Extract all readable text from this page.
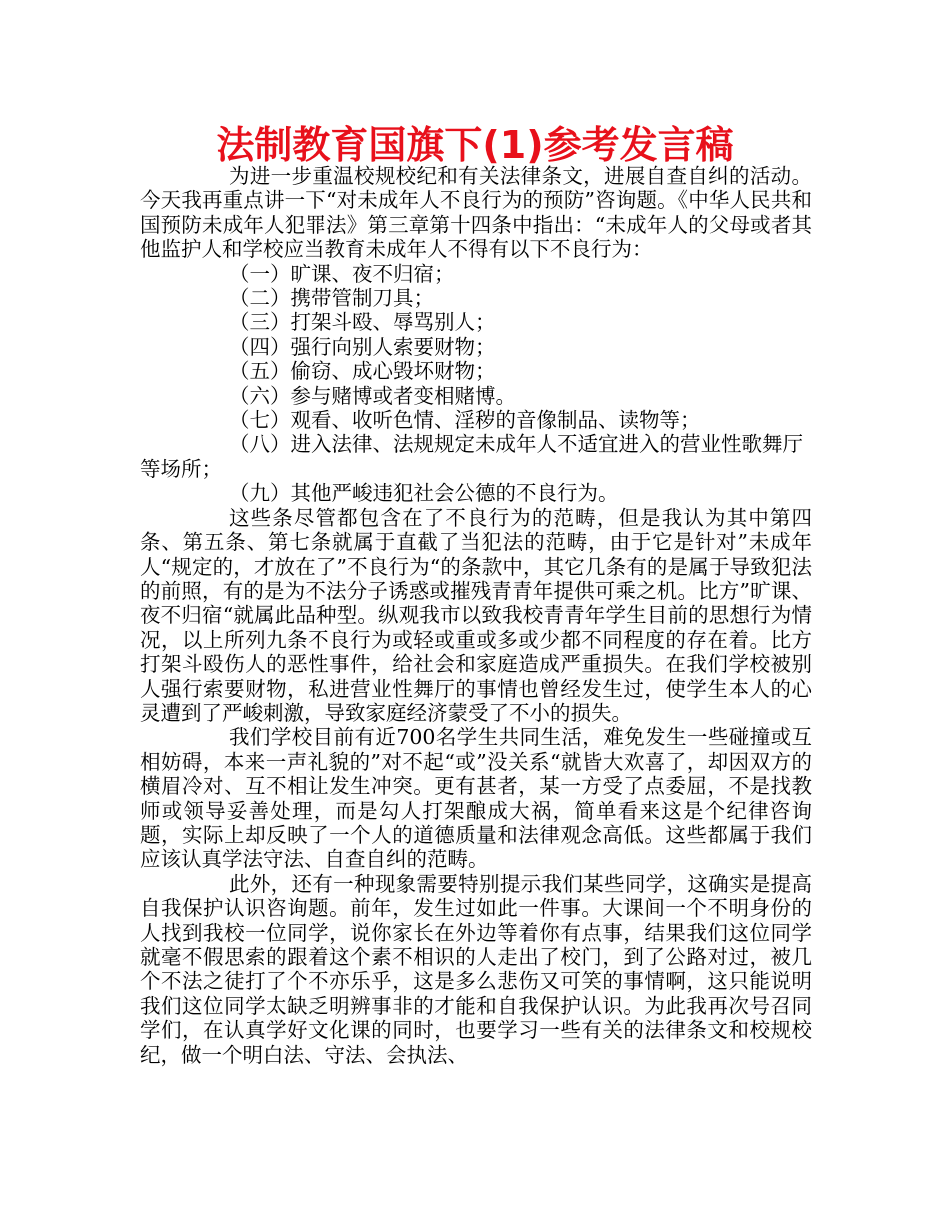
法制教育国旗下(1)参考发言稿

为进一步重温校规校纪和有关法律条文，进展自查自纠的活动。今天我再重点讲一下“对未成年人不良行为的预防”咨询题。《中华人民共和国预防未成年人犯罪法》第三章第十四条中指出：“未成年人的父母或者其他监护人和学校应当教育未成年人不得有以下不良行为：

（一）旷课、夜不归宿；

（二）携带管制刀具；

（三）打架斗殴、辱骂别人；

（四）强行向别人索要财物；

（五）偷窃、成心毁坏财物；

（六）参与赌博或者变相赌博。

（七）观看、收听色情、淫秽的音像制品、读物等；

（八）进入法律、法规规定未成年人不适宜进入的营业性歌舞厅等场所；

（九）其他严峻违犯社会公德的不良行为。

这些条尽管都包含在了不良行为的范畴，但是我认为其中第四条、第五条、第七条就属于直截了当犯法的范畴，由于它是针对”未成年人“规定的，才放在了”不良行为“的条款中，其它几条有的是属于导致犯法的前照，有的是为不法分子诱惑或摧残青青年提供可乘之机。比方”旷课、夜不归宿“就属此品种型。纵观我市以致我校青青年学生目前的思想行为情况，以上所列九条不良行为或轻或重或多或少都不同程度的存在着。比方打架斗殴伤人的恶性事件，给社会和家庭造成严重损失。在我们学校被别人强行索要财物，私进营业性舞厅的事情也曾经发生过，使学生本人的心灵遭到了严峻刺激，导致家庭经济蒙受了不小的损失。

我们学校目前有近700名学生共同生活，难免发生一些碰撞或互相妨碍，本来一声礼貌的”对不起“或”没关系“就皆大欢喜了，却因双方的横眉冷对、互不相让发生冲突。更有甚者，某一方受了点委屈，不是找教师或领导妥善处理，而是勾人打架酿成大祸，简单看来这是个纪律咨询题，实际上却反映了一个人的道德质量和法律观念高低。这些都属于我们应该认真学法守法、自查自纠的范畴。

此外，还有一种现象需要特别提示我们某些同学，这确实是提高自我保护认识咨询题。前年，发生过如此一件事。大课间一个不明身份的人找到我校一位同学，说你家长在外边等着你有点事，结果我们这位同学就毫不假思索的跟着这个素不相识的人走出了校门，到了公路对过，被几个不法之徒打了个不亦乐乎，这是多么悲伤又可笑的事情啊，这只能说明我们这位同学太缺乏明辨事非的才能和自我保护认识。为此我再次号召同学们，在认真学好文化课的同时，也要学习一些有关的法律条文和校规校纪，做一个明白法、守法、会执法、
